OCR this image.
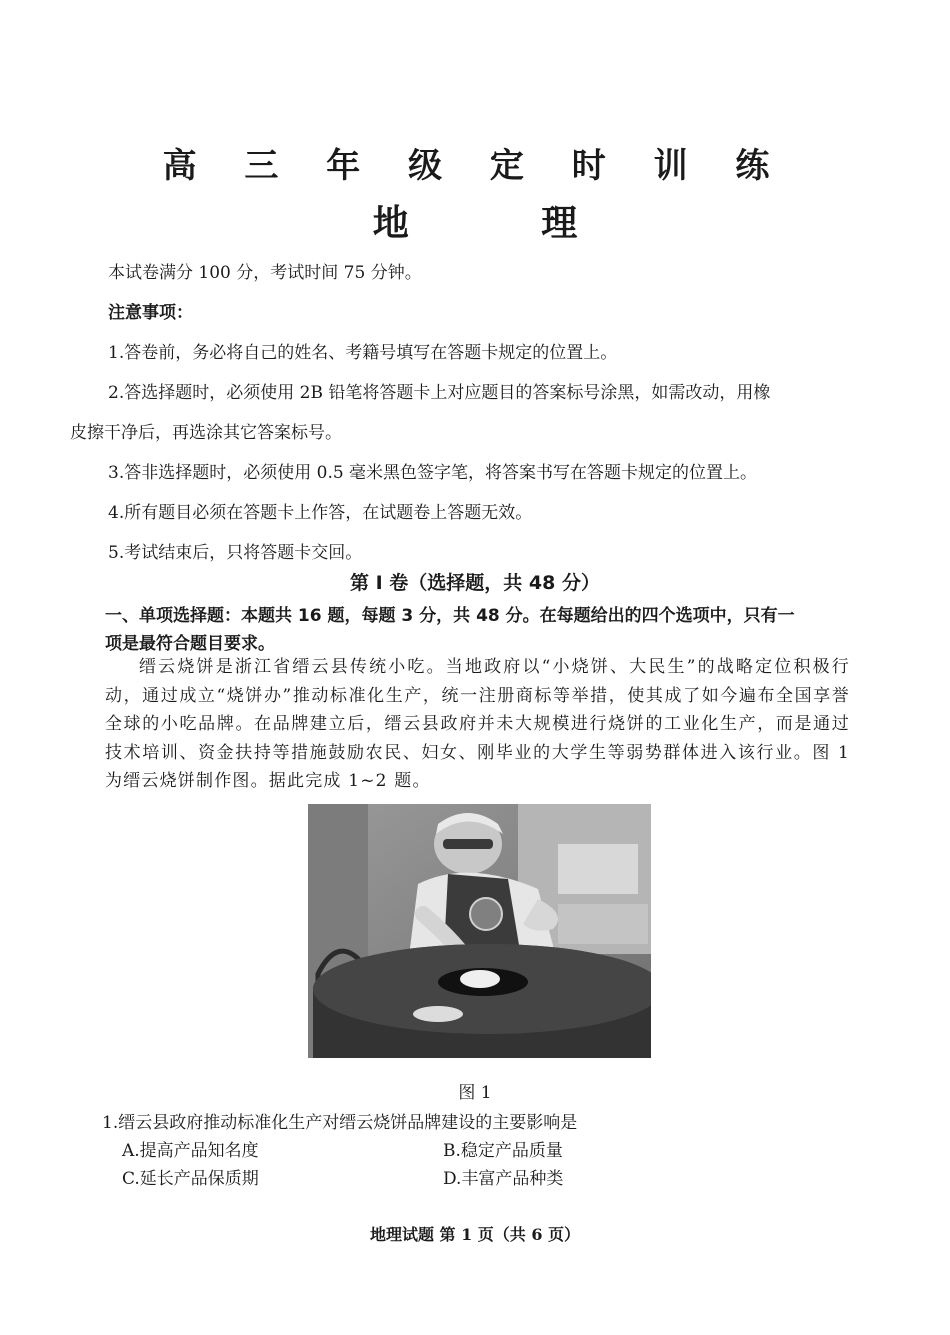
高 三 年 级 定 时 训 练
地 理
本试卷满分 100 分，考试时间 75 分钟。
注意事项：
1.答卷前，务必将自己的姓名、考籍号填写在答题卡规定的位置上。
2.答选择题时，必须使用 2B 铅笔将答题卡上对应题目的答案标号涂黑，如需改动，用橡
皮擦干净后，再选涂其它答案标号。
3.答非选择题时，必须使用 0.5 毫米黑色签字笔，将答案书写在答题卡规定的位置上。
4.所有题目必须在答题卡上作答，在试题卷上答题无效。
5.考试结束后，只将答题卡交回。
第 I 卷（选择题，共 48 分）
一、单项选择题：本题共 16 题，每题 3 分，共 48 分。在每题给出的四个选项中，只有一
项是最符合题目要求。
缙云烧饼是浙江省缙云县传统小吃。当地政府以“小烧饼、大民生”的战略定位积极行动，通过成立“烧饼办”推动标准化生产，统一注册商标等举措，使其成了如今遍布全国享誉全球的小吃品牌。在品牌建立后，缙云县政府并未大规模进行烧饼的工业化生产，而是通过技术培训、资金扶持等措施鼓励农民、妇女、刚毕业的大学生等弱势群体进入该行业。图 1 为缙云烧饼制作图。据此完成 1~2 题。
图 1
1.缙云县政府推动标准化生产对缙云烧饼品牌建设的主要影响是
A.提高产品知名度	B.稳定产品质量
C.延长产品保质期	D.丰富产品种类
地理试题 第 1 页（共 6 页）
